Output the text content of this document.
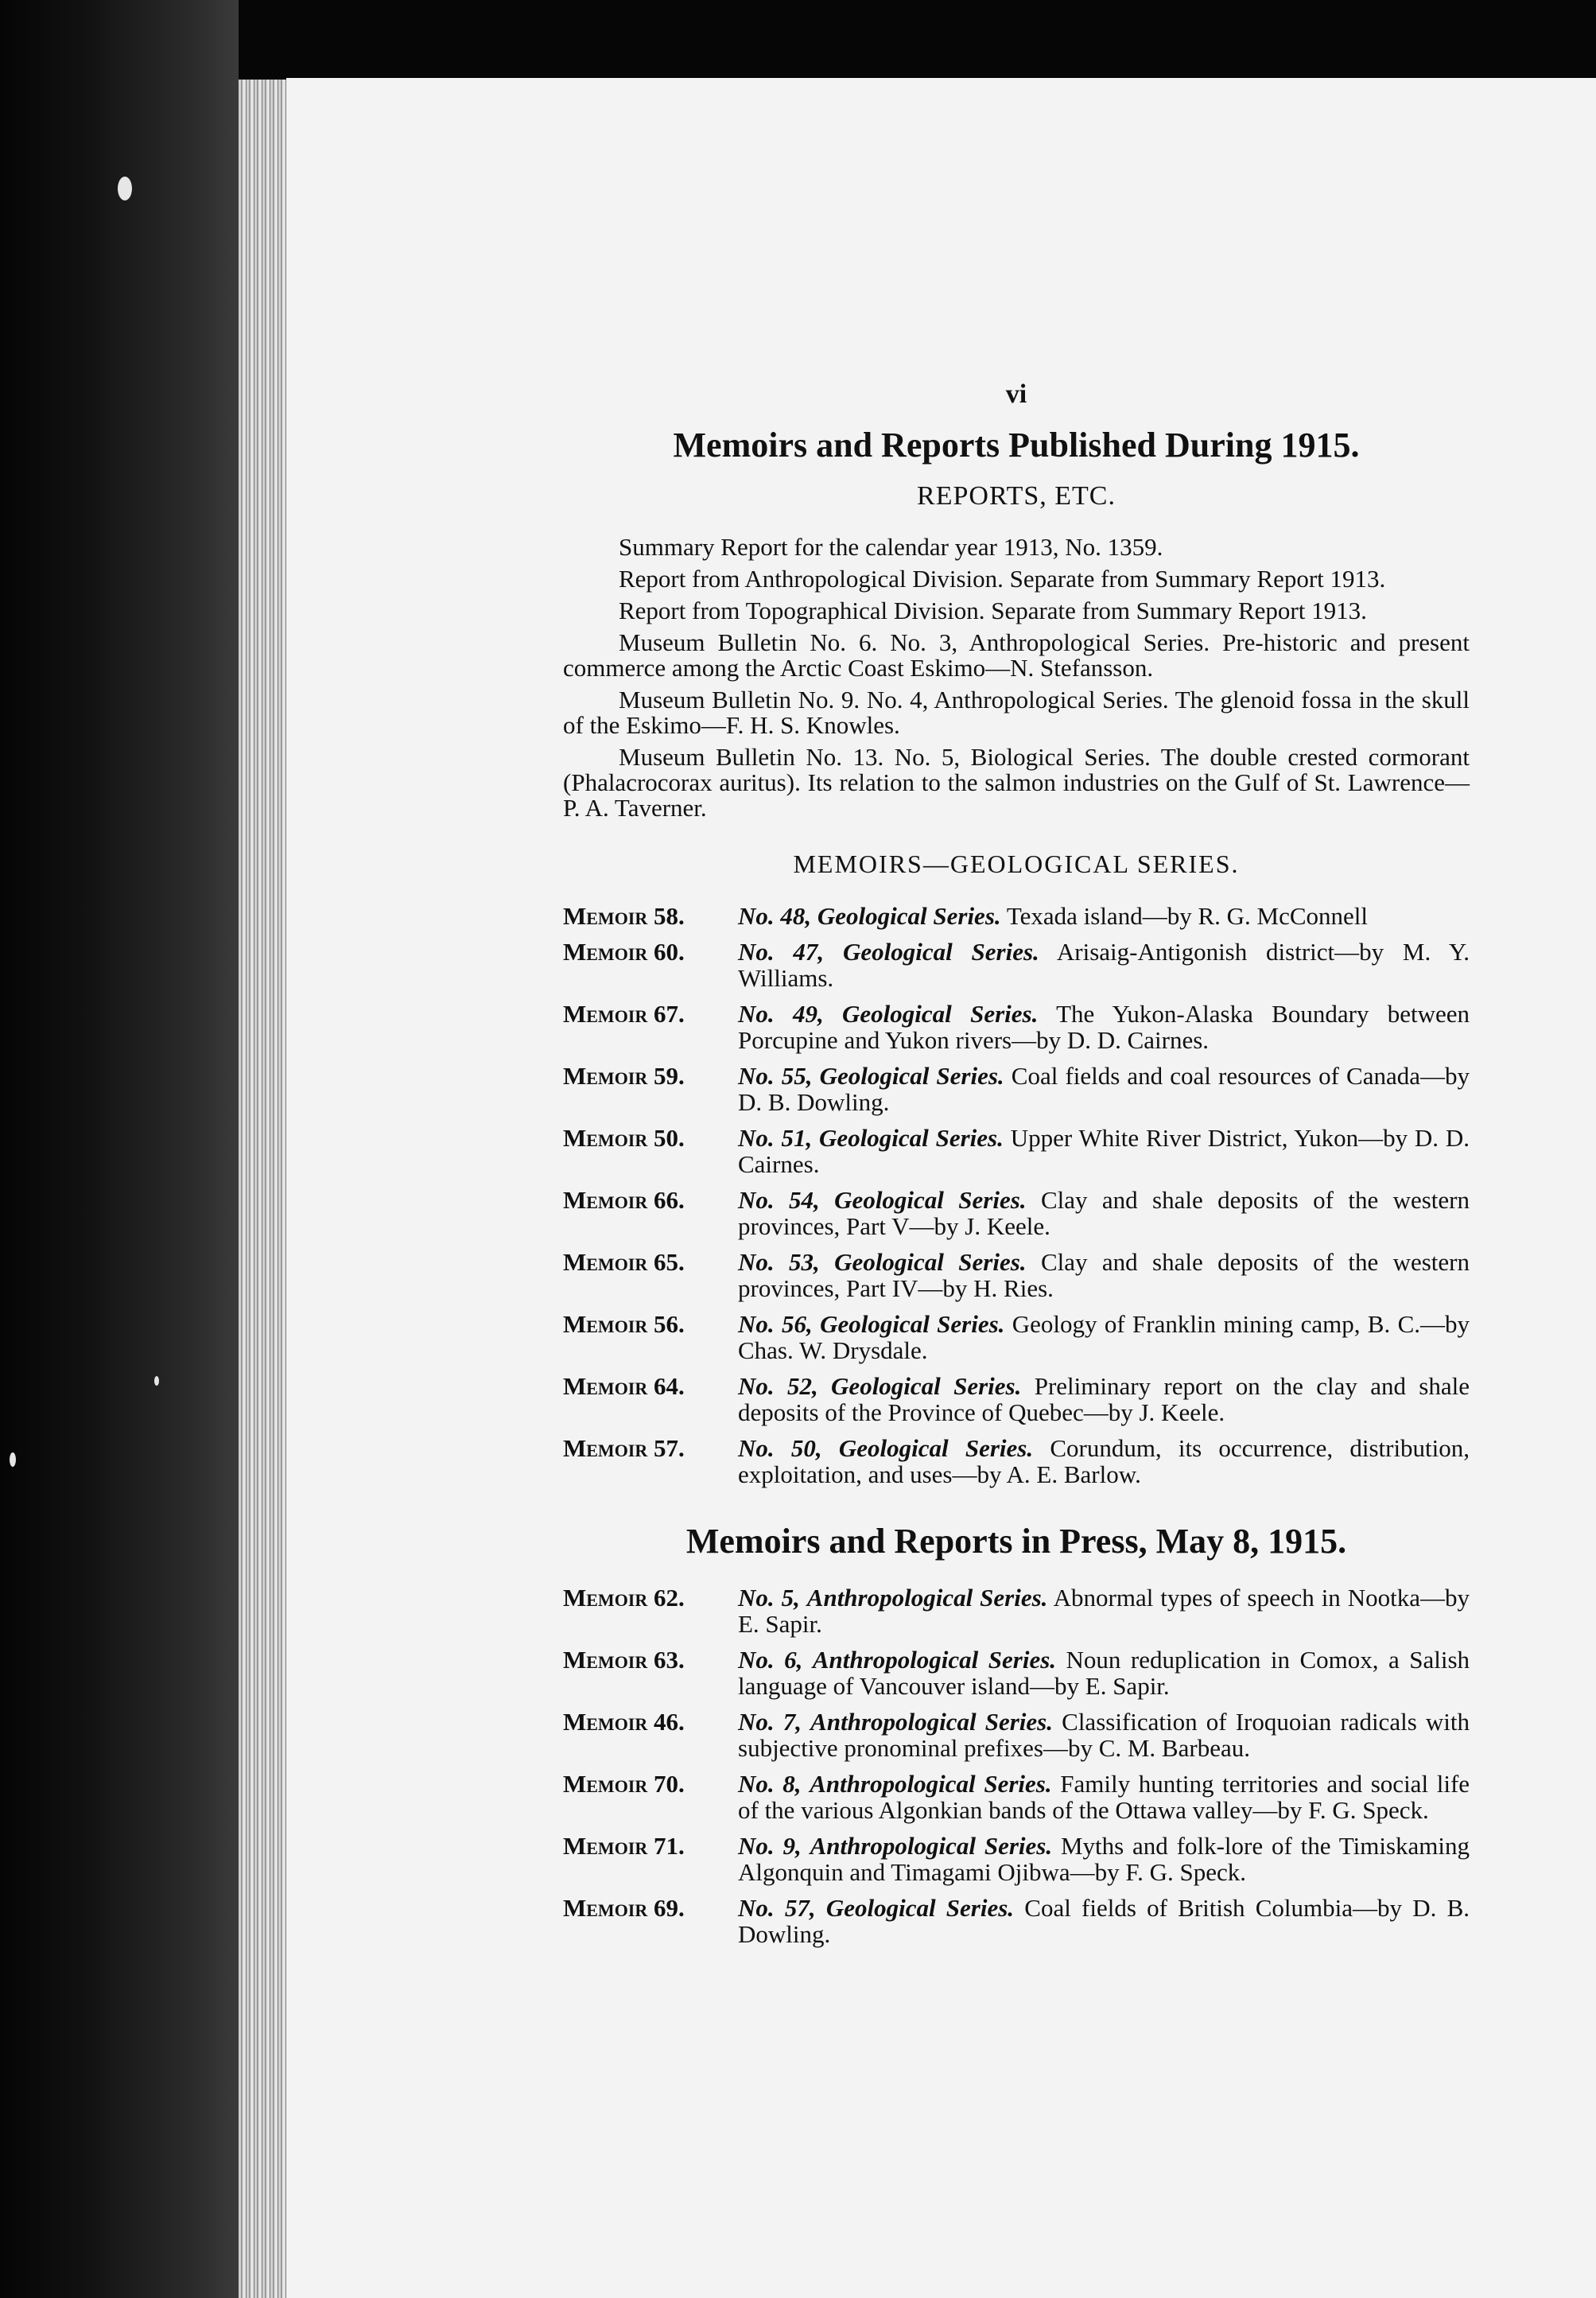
vi
Memoirs and Reports Published During 1915.
REPORTS, ETC.

Summary Report for the calendar year 1913, No. 1359.

Report from Anthropological Division. Separate from Summary Report 1913.

Report from Topographical Division. Separate from Summary Report 1913.

Museum Bulletin No. 6. No. 3, Anthropological Series. Pre-historic and present commerce among the Arctic Coast Eskimo—N. Stefansson.

Museum Bulletin No. 9. No. 4, Anthropological Series. The glenoid fossa in the skull of the Eskimo—F. H. S. Knowles.

Museum Bulletin No. 13. No. 5, Biological Series. The double crested cormorant (Phalacrocorax auritus). Its relation to the salmon industries on the Gulf of St. Lawrence—P. A. Taverner.

MEMOIRS—GEOLOGICAL SERIES.
Memoir 58.	No. 48, Geological Series. Texada island—by R. G. McConnell
Memoir 60.	No. 47, Geological Series. Arisaig-Antigonish district—by M. Y. Williams.
Memoir 67.	No. 49, Geological Series. The Yukon-Alaska Boundary between Porcupine and Yukon rivers—by D. D. Cairnes.
Memoir 59.	No. 55, Geological Series. Coal fields and coal resources of Canada—by D. B. Dowling.
Memoir 50.	No. 51, Geological Series. Upper White River District, Yukon—by D. D. Cairnes.
Memoir 66.	No. 54, Geological Series. Clay and shale deposits of the western provinces, Part V—by J. Keele.
Memoir 65.	No. 53, Geological Series. Clay and shale deposits of the western provinces, Part IV—by H. Ries.
Memoir 56.	No. 56, Geological Series. Geology of Franklin mining camp, B. C.—by Chas. W. Drysdale.
Memoir 64.	No. 52, Geological Series. Preliminary report on the clay and shale deposits of the Province of Quebec—by J. Keele.
Memoir 57.	No. 50, Geological Series. Corundum, its occurrence, distribution, exploitation, and uses—by A. E. Barlow.
Memoirs and Reports in Press, May 8, 1915.
Memoir 62.	No. 5, Anthropological Series. Abnormal types of speech in Nootka—by E. Sapir.
Memoir 63.	No. 6, Anthropological Series. Noun reduplication in Comox, a Salish language of Vancouver island—by E. Sapir.
Memoir 46.	No. 7, Anthropological Series. Classification of Iroquoian radicals with subjective pronominal prefixes—by C. M. Barbeau.
Memoir 70.	No. 8, Anthropological Series. Family hunting territories and social life of the various Algonkian bands of the Ottawa valley—by F. G. Speck.
Memoir 71.	No. 9, Anthropological Series. Myths and folk-lore of the Timiskaming Algonquin and Timagami Ojibwa—by F. G. Speck.
Memoir 69.	No. 57, Geological Series. Coal fields of British Columbia—by D. B. Dowling.
